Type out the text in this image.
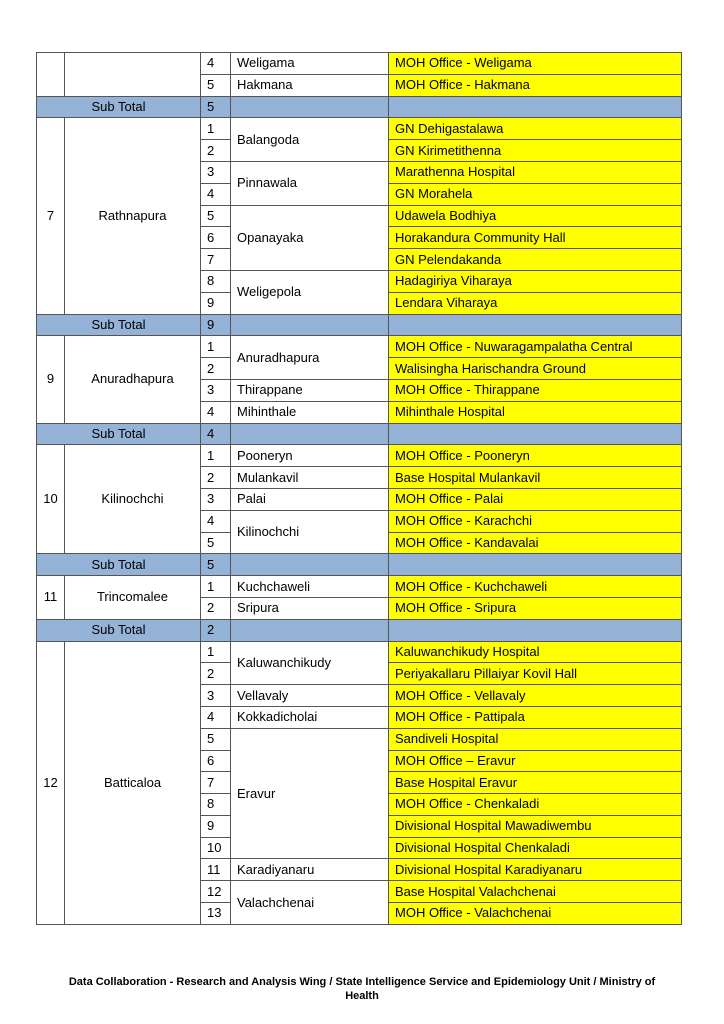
		4	Weligama	MOH Office - Weligama
		5	Hakmana	MOH Office - Hakmana
Sub Total		5		
7	Rathnapura	1	Balangoda	GN Dehigastalawa
		2		GN Kirimetithenna
		3	Pinnawala	Marathenna Hospital
		4		GN Morahela
		5	Opanayaka	Udawela Bodhiya
		6		Horakandura Community Hall
		7		GN Pelendakanda
		8	Weligepola	Hadagiriya Viharaya
		9		Lendara Viharaya
Sub Total		9		
9	Anuradhapura	1	Anuradhapura	MOH Office - Nuwaragampalatha Central
		2		Walisingha Harischandra Ground
		3	Thirappane	MOH Office - Thirappane
		4	Mihinthale	Mihinthale Hospital
Sub Total		4		
10	Kilinochchi	1	Pooneryn	MOH Office - Pooneryn
		2	Mulankavil	Base Hospital Mulankavil
		3	Palai	MOH Office - Palai
		4	Kilinochchi	MOH Office - Karachchi
		5		MOH Office - Kandavalai
Sub Total		5		
11	Trincomalee	1	Kuchchaweli	MOH Office - Kuchchaweli
		2	Sripura	MOH Office - Sripura
Sub Total		2		
12	Batticaloa	1	Kaluwanchikudy	Kaluwanchikudy Hospital
		2		Periyakallaru Pillaiyar Kovil Hall
		3	Vellavaly	MOH Office - Vellavaly
		4	Kokkadicholai	MOH Office - Pattipala
		5	Eravur	Sandiveli Hospital
		6		MOH Office – Eravur
		7		Base Hospital Eravur
		8		MOH Office - Chenkaladi
		9		Divisional Hospital Mawadiwembu
		10		Divisional Hospital Chenkaladi
		11	Karadiyanaru	Divisional Hospital Karadiyanaru
		12	Valachchenai	Base Hospital Valachchenai
		13		MOH Office - Valachchenai
Data Collaboration - Research and Analysis Wing / State Intelligence Service and Epidemiology Unit / Ministry of
Health
